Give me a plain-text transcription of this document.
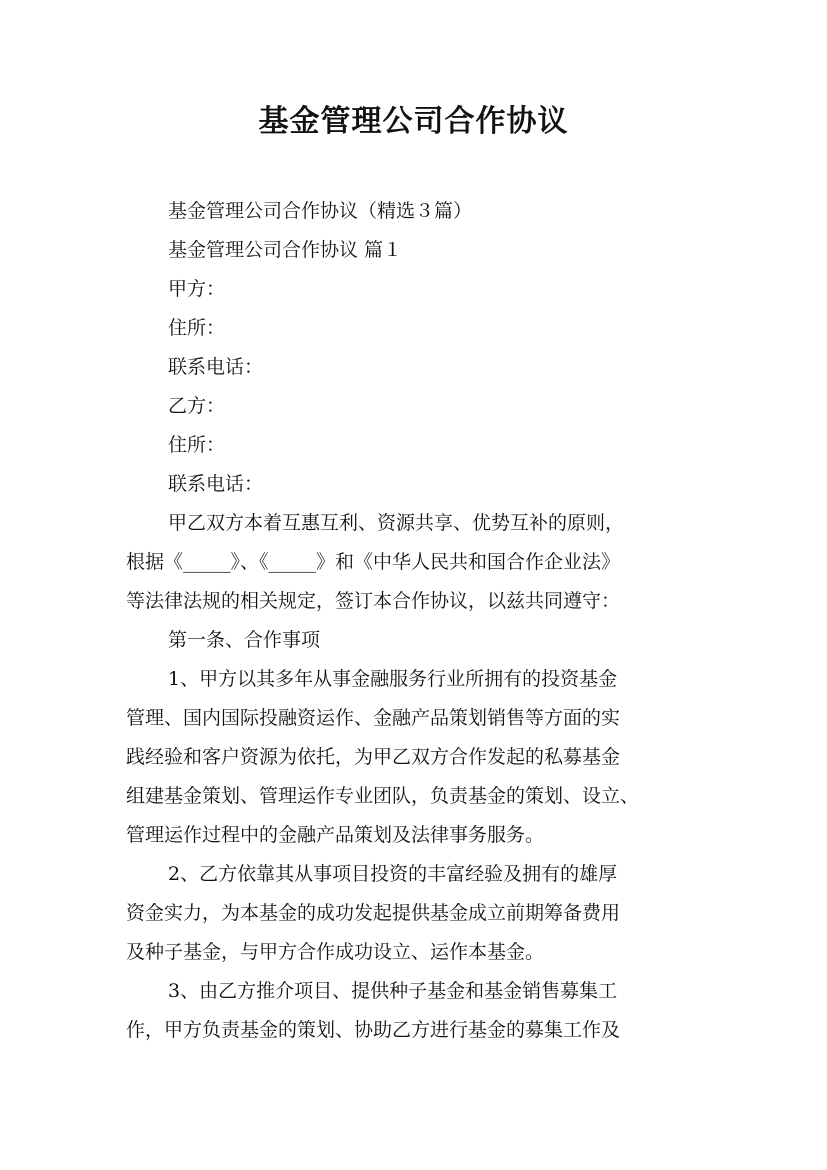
基金管理公司合作协议
基金管理公司合作协议（精选３篇）
基金管理公司合作协议 篇１
甲方：
住所：
联系电话：
乙方：
住所：
联系电话：
甲乙双方本着互惠互利、资源共享、优势互补的原则，
根据《_____》、《_____》和《中华人民共和国合作企业法》
等法律法规的相关规定，签订本合作协议，以兹共同遵守：
第一条、合作事项
1、甲方以其多年从事金融服务行业所拥有的投资基金
管理、国内国际投融资运作、金融产品策划销售等方面的实
践经验和客户资源为依托，为甲乙双方合作发起的私募基金
组建基金策划、管理运作专业团队，负责基金的策划、设立、
管理运作过程中的金融产品策划及法律事务服务。
2、乙方依靠其从事项目投资的丰富经验及拥有的雄厚
资金实力，为本基金的成功发起提供基金成立前期筹备费用
及种子基金，与甲方合作成功设立、运作本基金。
3、由乙方推介项目、提供种子基金和基金销售募集工
作，甲方负责基金的策划、协助乙方进行基金的募集工作及
